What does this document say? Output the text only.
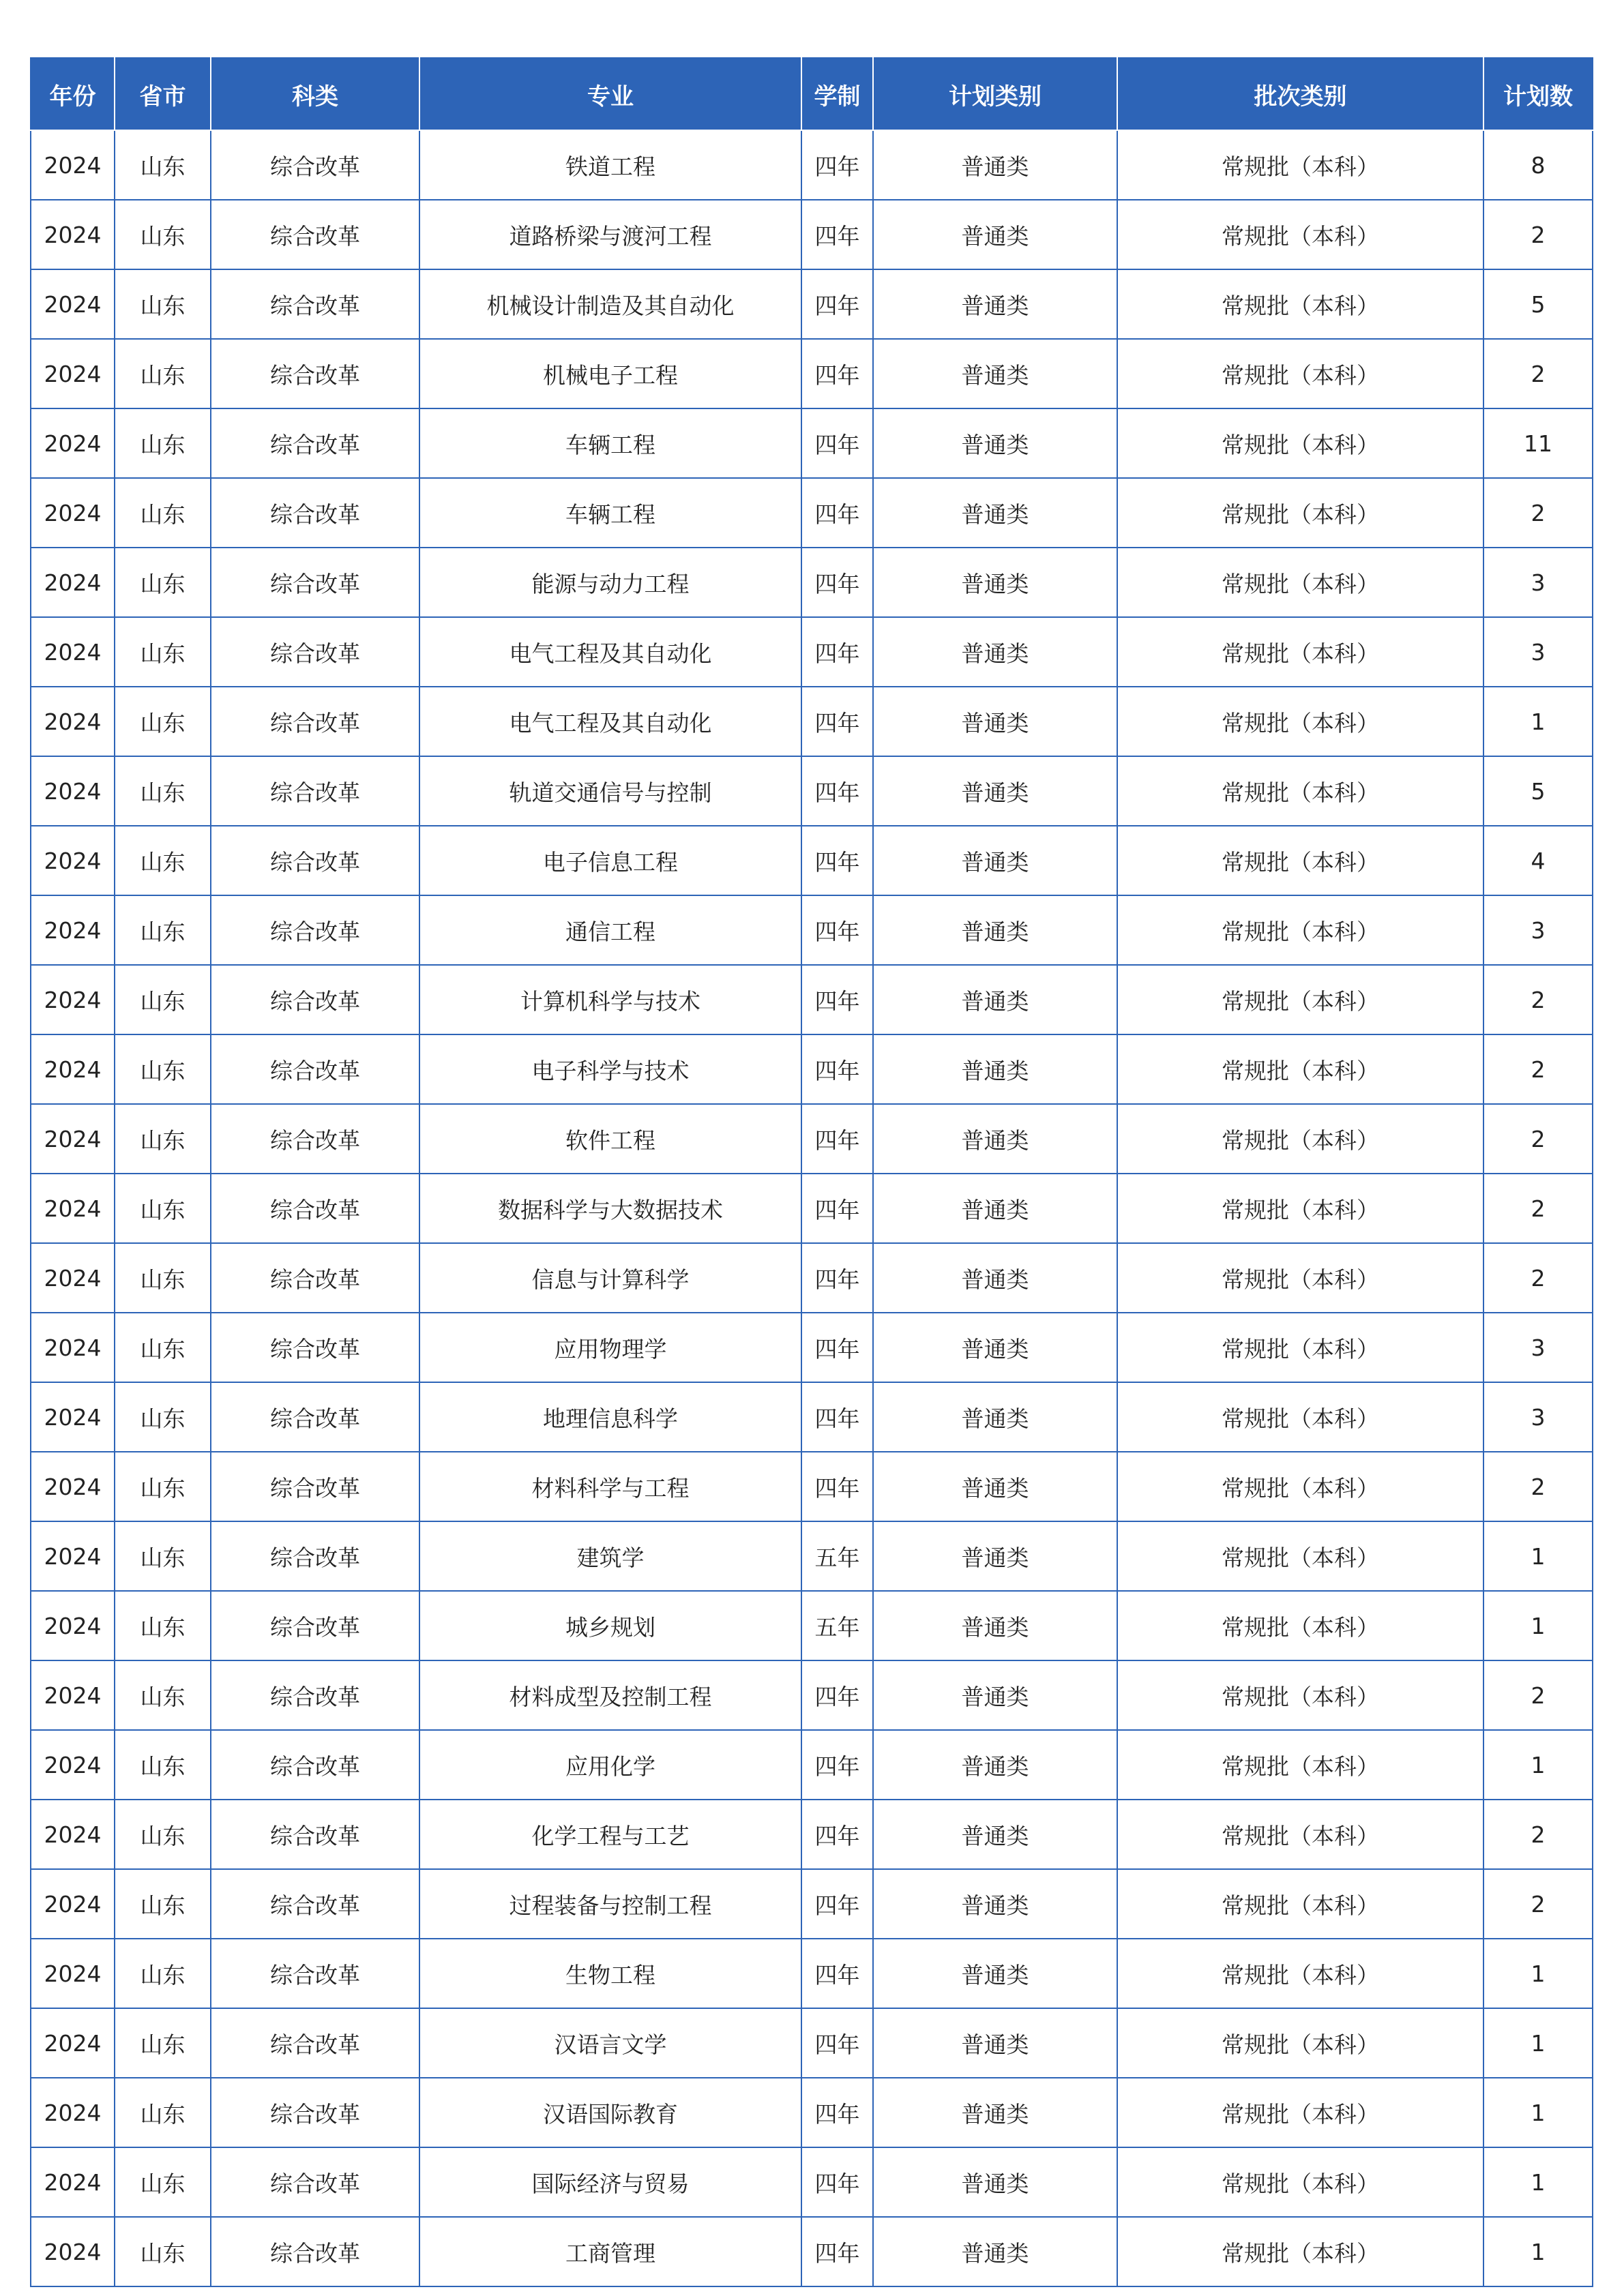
年份	省市	科类	专业	学制	计划类别	批次类别	计划数
2024	山东	综合改革	铁道工程	四年	普通类	常规批（本科）	8
2024	山东	综合改革	道路桥梁与渡河工程	四年	普通类	常规批（本科）	2
2024	山东	综合改革	机械设计制造及其自动化	四年	普通类	常规批（本科）	5
2024	山东	综合改革	机械电子工程	四年	普通类	常规批（本科）	2
2024	山东	综合改革	车辆工程	四年	普通类	常规批（本科）	11
2024	山东	综合改革	车辆工程	四年	普通类	常规批（本科）	2
2024	山东	综合改革	能源与动力工程	四年	普通类	常规批（本科）	3
2024	山东	综合改革	电气工程及其自动化	四年	普通类	常规批（本科）	3
2024	山东	综合改革	电气工程及其自动化	四年	普通类	常规批（本科）	1
2024	山东	综合改革	轨道交通信号与控制	四年	普通类	常规批（本科）	5
2024	山东	综合改革	电子信息工程	四年	普通类	常规批（本科）	4
2024	山东	综合改革	通信工程	四年	普通类	常规批（本科）	3
2024	山东	综合改革	计算机科学与技术	四年	普通类	常规批（本科）	2
2024	山东	综合改革	电子科学与技术	四年	普通类	常规批（本科）	2
2024	山东	综合改革	软件工程	四年	普通类	常规批（本科）	2
2024	山东	综合改革	数据科学与大数据技术	四年	普通类	常规批（本科）	2
2024	山东	综合改革	信息与计算科学	四年	普通类	常规批（本科）	2
2024	山东	综合改革	应用物理学	四年	普通类	常规批（本科）	3
2024	山东	综合改革	地理信息科学	四年	普通类	常规批（本科）	3
2024	山东	综合改革	材料科学与工程	四年	普通类	常规批（本科）	2
2024	山东	综合改革	建筑学	五年	普通类	常规批（本科）	1
2024	山东	综合改革	城乡规划	五年	普通类	常规批（本科）	1
2024	山东	综合改革	材料成型及控制工程	四年	普通类	常规批（本科）	2
2024	山东	综合改革	应用化学	四年	普通类	常规批（本科）	1
2024	山东	综合改革	化学工程与工艺	四年	普通类	常规批（本科）	2
2024	山东	综合改革	过程装备与控制工程	四年	普通类	常规批（本科）	2
2024	山东	综合改革	生物工程	四年	普通类	常规批（本科）	1
2024	山东	综合改革	汉语言文学	四年	普通类	常规批（本科）	1
2024	山东	综合改革	汉语国际教育	四年	普通类	常规批（本科）	1
2024	山东	综合改革	国际经济与贸易	四年	普通类	常规批（本科）	1
2024	山东	综合改革	工商管理	四年	普通类	常规批（本科）	1
